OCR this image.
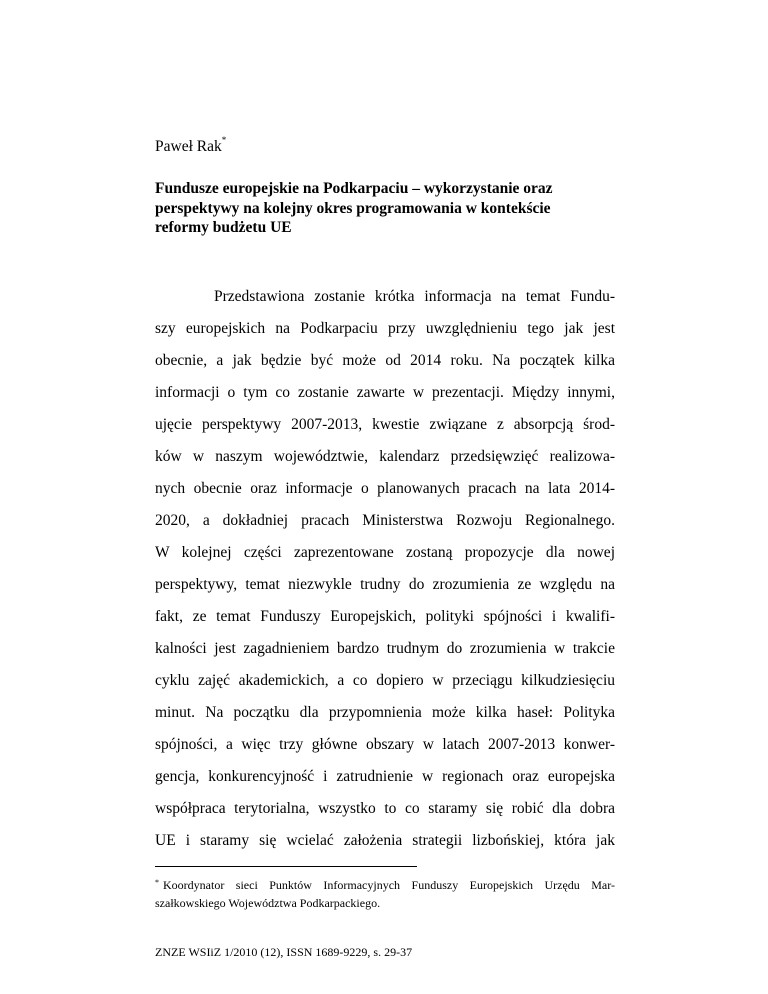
Paweł Rak*
Fundusze europejskie na Podkarpaciu – wykorzystanie oraz
perspektywy na kolejny okres programowania w kontekście
reformy budżetu UE
Przedstawiona zostanie krótka informacja na temat Fundu-
szy europejskich na Podkarpaciu przy uwzględnieniu tego jak jest
obecnie, a jak będzie być może od 2014 roku. Na początek kilka
informacji o tym co zostanie zawarte w prezentacji. Między innymi,
ujęcie perspektywy 2007-2013, kwestie związane z absorpcją środ-
ków w naszym województwie, kalendarz przedsięwzięć realizowa-
nych obecnie oraz informacje o planowanych pracach na lata 2014-
2020, a dokładniej pracach Ministerstwa Rozwoju Regionalnego.
W kolejnej części zaprezentowane zostaną propozycje dla nowej
perspektywy, temat niezwykle trudny do zrozumienia ze względu na
fakt, ze temat Funduszy Europejskich, polityki spójności i kwalifi-
kalności jest zagadnieniem bardzo trudnym do zrozumienia w trakcie
cyklu zajęć akademickich, a co dopiero w przeciągu kilkudziesięciu
minut. Na początku dla przypomnienia może kilka haseł: Polityka
spójności, a więc trzy główne obszary w latach 2007-2013 konwer-
gencja, konkurencyjność i zatrudnienie w regionach oraz europejska
współpraca terytorialna, wszystko to co staramy się robić dla dobra
UE i staramy się wcielać założenia strategii lizbońskiej, która jak
* Koordynator sieci Punktów Informacyjnych Funduszy Europejskich Urzędu Mar-
szałkowskiego Województwa Podkarpackiego.
ZNZE WSIiZ 1/2010 (12), ISSN 1689-9229, s. 29-37
